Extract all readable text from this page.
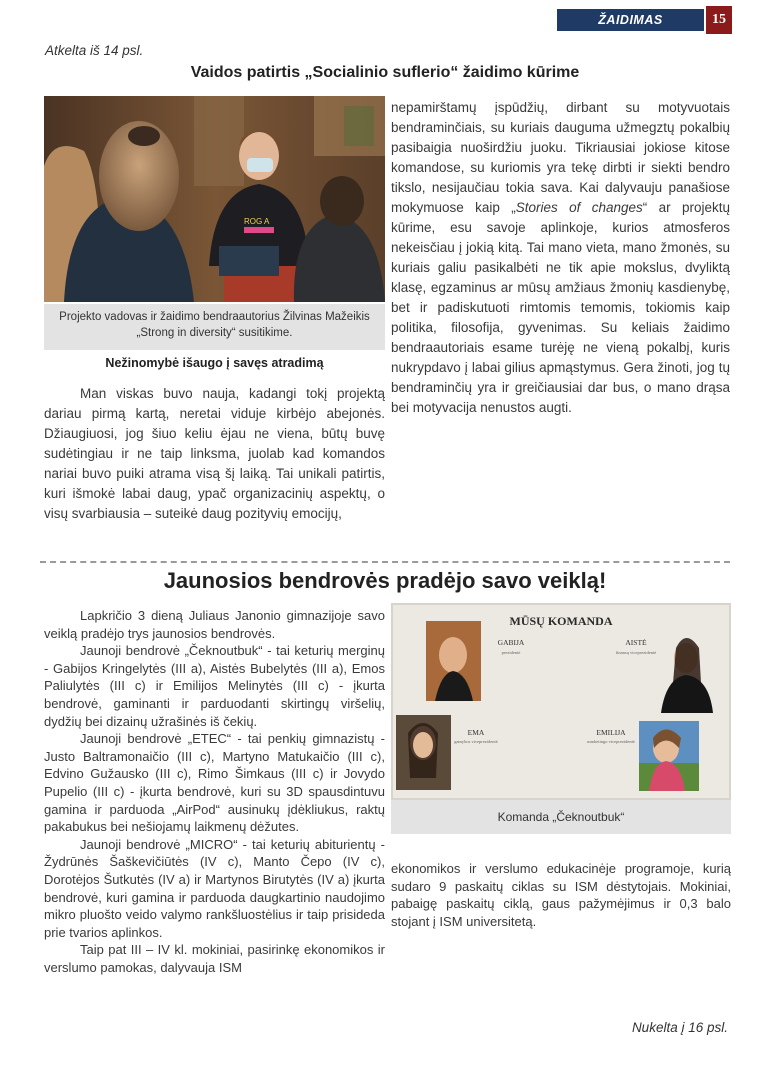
ŽAIDIMAS	15
Atkelta iš 14 psl.
Vaidos patirtis „Socialinio suflerio“ žaidimo kūrime
ROG A
Projekto vadovas ir žaidimo bendraautorius Žilvinas Mažeikis „Strong in diversity“ susitikime.
Nežinomybė išaugo į savęs atradimą

Man viskas buvo nauja, kadangi tokį projektą dariau pirmą kartą, neretai viduje kirbėjo abejonės. Džiaugiuosi, jog šiuo keliu ėjau ne viena, būtų buvę sudėtingiau ir ne taip linksma, juolab kad komandos nariai buvo puiki atrama visą šį laiką. Tai unikali patirtis, kuri išmokė labai daug, ypač organizacinių aspektų, o visų svarbiausia – suteikė daug pozityvių emocijų,

nepamirštamų įspūdžių, dirbant su motyvuotais bendraminčiais, su kuriais dauguma užmegztų pokalbių pasibaigia nuoširdžiu juoku. Tikriausiai jokiose kitose komandose, su kuriomis yra tekę dirbti ir siekti bendro tikslo, nesijaučiau tokia sava. Kai dalyvauju panašiose mokymuose kaip „Stories of changes“ ar projektų kūrime, esu savoje aplinkoje, kurios atmosferos nekeisčiau į jokią kitą. Tai mano vieta, mano žmonės, su kuriais galiu pasikalbėti ne tik apie mokslus, dvyliktą klasę, egzaminus ar mūsų amžiaus žmonių kasdienybę, bet ir padiskutuoti rimtomis temomis, tokiomis kaip politika, filosofija, gyvenimas. Su keliais žaidimo bendraautoriais esame turėję ne vieną pokalbį, kuris nukrypdavo į labai gilius apmąstymus. Gera žinoti, jog tų bendraminčių yra ir greičiausiai dar bus, o mano drąsa bei motyvacija nenustos augti.

Jaunosios bendrovės pradėjo savo veiklą!

Lapkričio 3 dieną Juliaus Janonio gimnazijoje savo veiklą pradėjo trys jaunosios bendrovės.

Jaunoji bendrovė „Čeknoutbuk“ - tai keturių merginų - Gabijos Kringelytės (III a), Aistės Bubelytės (III a), Emos Paliulytės (III c) ir Emilijos Melinytės (III c) - įkurta bendrovė, gaminanti ir parduodanti skirtingų viršelių, dydžių bei dizainų užrašinės iš čekių.

Jaunoji bendrovė „ETEC“ - tai penkių gimnazistų - Justo Baltramonaičio (III c), Martyno Matukaičio (III c), Edvino Gužausko (III c), Rimo Šimkaus (III c) ir Jovydo Pupelio (III c) - įkurta bendrovė, kuri su 3D spausdintuvu gamina ir parduoda „AirPod“ ausinukų įdėkliukus, raktų pakabukus bei nešiojamų laikmenų dėžutes.

Jaunoji bendrovė „MICRO“ - tai keturių abiturientų - Žydrūnės Šaškevičiūtės (IV c), Manto Čepo (IV c), Dorotėjos Šutkutės (IV a) ir Martynos Birutytės (IV a) įkurta bendrovė, kuri gamina ir parduoda daugkartinio naudojimo mikro pluošto veido valymo rankšluostėlius ir taip prisideda prie tvarios aplinkos.

Taip pat III – IV kl. mokiniai, pasirinkę ekonomikos ir verslumo pamokas, dalyvauja ISM

MŪSŲ KOMANDA
GABIJA
prezidentė
AISTĖ
finansų viceprezidentė
EMA
gamybos viceprezidentė
EMILIJA
marketingo viceprezidentė
Komanda „Čeknoutbuk“

ekonomikos ir verslumo edukacinėje programoje, kurią sudaro 9 paskaitų ciklas su ISM dėstytojais. Mokiniai, pabaigę paskaitų ciklą, gaus pažymėjimus ir 0,3 balo stojant į ISM universitetą.

Nukelta į 16 psl.
